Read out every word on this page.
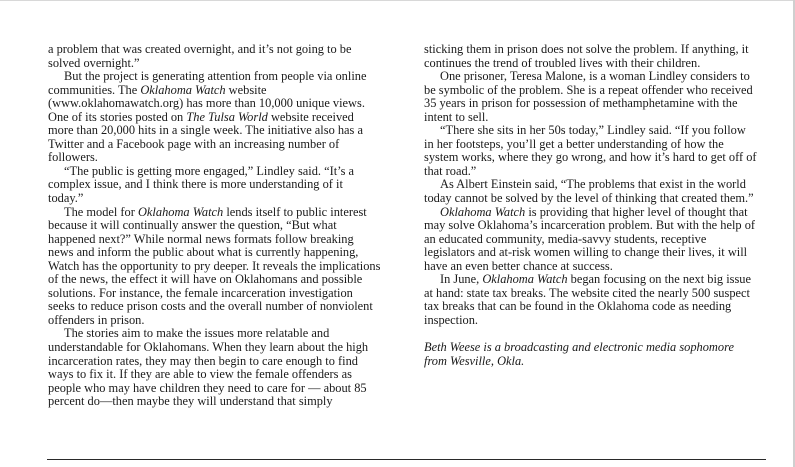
a problem that was created overnight, and it’s not going to be solved overnight.”

But the project is generating attention from people via online communities. The Oklahoma Watch website (www.oklahomawatch.org) has more than 10,000 unique views. One of its stories posted on The Tulsa World website received more than 20,000 hits in a single week. The initiative also has a Twitter and a Facebook page with an increasing number of followers.

“The public is getting more engaged,” Lindley said. “It’s a complex issue, and I think there is more understanding of it today.”

The model for Oklahoma Watch lends itself to public interest because it will continually answer the question, “But what happened next?” While normal news formats follow breaking news and inform the public about what is currently happening, Watch has the opportunity to pry deeper. It reveals the implications of the news, the effect it will have on Oklahomans and possible solutions. For instance, the female incarceration investigation seeks to reduce prison costs and the overall number of nonviolent offenders in prison.

The stories aim to make the issues more relatable and understandable for Oklahomans. When they learn about the high incarceration rates, they may then begin to care enough to find ways to fix it. If they are able to view the female offenders as people who may have children they need to care for — about 85 percent do—then maybe they will understand that simply

sticking them in prison does not solve the problem. If anything, it continues the trend of troubled lives with their children.

One prisoner, Teresa Malone, is a woman Lindley considers to be symbolic of the problem. She is a repeat offender who received 35 years in prison for possession of methamphetamine with the intent to sell.

“There she sits in her 50s today,” Lindley said. “If you follow in her footsteps, you’ll get a better understanding of how the system works, where they go wrong, and how it’s hard to get off of that road.”

As Albert Einstein said, “The problems that exist in the world today cannot be solved by the level of thinking that created them.”

Oklahoma Watch is providing that higher level of thought that may solve Oklahoma’s incarceration problem. But with the help of an educated community, media-savvy students, receptive legislators and at-risk women willing to change their lives, it will have an even better chance at success.

In June, Oklahoma Watch began focusing on the next big issue at hand: state tax breaks. The website cited the nearly 500 suspect tax breaks that can be found in the Oklahoma code as needing inspection.

Beth Weese is a broadcasting and electronic media sophomore from Wesville, Okla.
